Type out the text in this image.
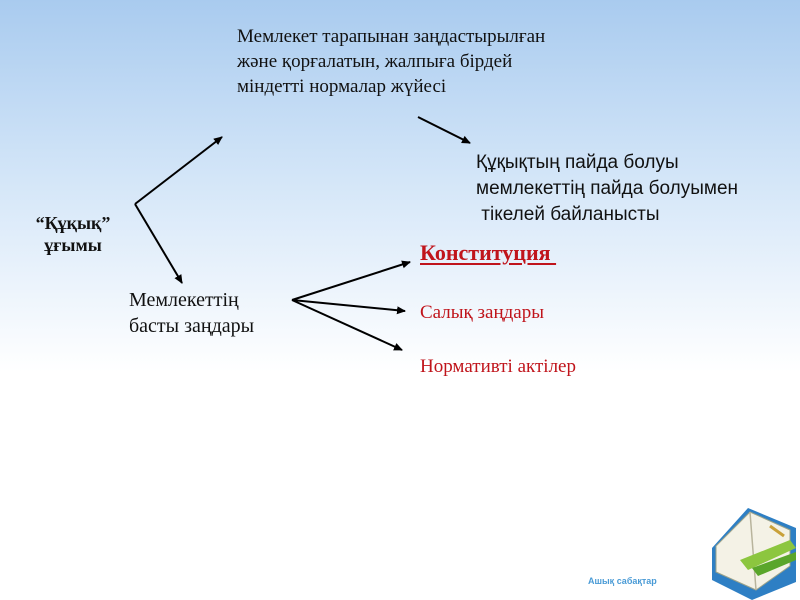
“Құқық”
ұғымы
Мемлекет тарапынан заңдастырылған
және қорғалатын, жалпыға бірдей
міндетті нормалар жүйесі
Құқықтың пайда болуы
мемлекеттің пайда болуымен
тікелей байланысты
Мемлекеттің
басты заңдары
Конституция
Салық заңдары
Нормативті актілер
Ашық сабақтар
